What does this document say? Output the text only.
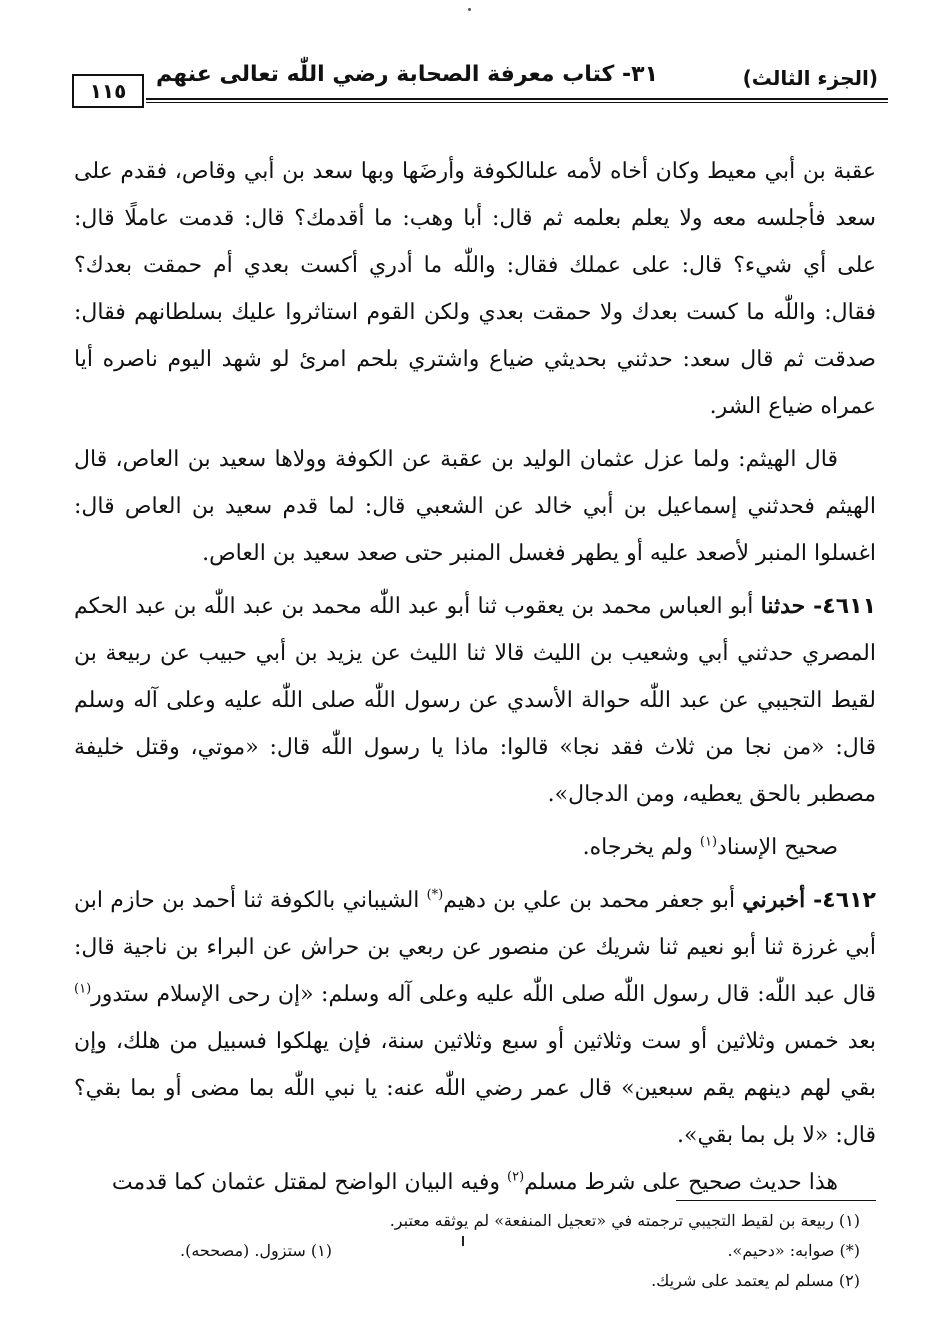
(الجزء الثالث)
٣١- كتاب معرفة الصحابة رضي اللّٰه تعالى عنهم
١١٥

عقبة بن أبي معيط وكان أخاه لأمه علىالكوفة وأرضَها وبها سعد بن أبي وقاص، فقدم على سعد فأجلسه معه ولا يعلم بعلمه ثم قال: أبا وهب: ما أقدمك؟ قال: قدمت عاملًا قال: على أي شيء؟ قال: على عملك فقال: واللّٰه ما أدري أكست بعدي أم حمقت بعدك؟ فقال: واللّٰه ما كست بعدك ولا حمقت بعدي ولكن القوم استاثروا عليك بسلطانهم فقال: صدقت ثم قال سعد: حدثني بحديثي ضياع واشتري بلحم امرئ لو شهد اليوم ناصره أيا عمراه ضياع الشر.

قال الهيثم: ولما عزل عثمان الوليد بن عقبة عن الكوفة وولاها سعيد بن العاص، قال الهيثم فحدثني إسماعيل بن أبي خالد عن الشعبي قال: لما قدم سعيد بن العاص قال: اغسلوا المنبر لأصعد عليه أو يطهر فغسل المنبر حتى صعد سعيد بن العاص.

٤٦١١- حدثنا أبو العباس محمد بن يعقوب ثنا أبو عبد اللّٰه محمد بن عبد اللّٰه بن عبد الحكم المصري حدثني أبي وشعيب بن الليث قالا ثنا الليث عن يزيد بن أبي حبيب عن ربيعة بن لقيط التجيبي عن عبد اللّٰه حوالة الأسدي عن رسول اللّٰه صلى اللّٰه عليه وعلى آله وسلم قال: «من نجا من ثلاث فقد نجا» قالوا: ماذا يا رسول اللّٰه قال: «موتي، وقتل خليفة مصطبر بالحق يعطيه، ومن الدجال».

صحيح الإسناد$^{(١)}$ ولم يخرجاه.

٤٦١٢- أخبرني أبو جعفر محمد بن علي بن دهيم(*) الشيباني بالكوفة ثنا أحمد بن حازم ابن أبي غرزة ثنا أبو نعيم ثنا شريك عن منصور عن ربعي بن حراش عن البراء بن ناجية قال: قال عبد اللّٰه: قال رسول اللّٰه صلى اللّٰه عليه وعلى آله وسلم: «إن رحى الإسلام ستدور$^{(١)}$ بعد خمس وثلاثين أو ست وثلاثين أو سبع وثلاثين سنة، فإن يهلكوا فسبيل من هلك، وإن بقي لهم دينهم يقم سبعين» قال عمر رضي اللّٰه عنه: يا نبي اللّٰه بما مضى أو بما بقي؟ قال: «لا بل بما بقي».

هذا حديث صحيح على شرط مسلم$^{(٢)}$ وفيه البيان الواضح لمقتل عثمان كما قدمت

(١) ربيعة بن لقيط التجيبي ترجمته في «تعجيل المنفعة» لم يوثقه معتبر.
(*) صوابه: «دحيم».
(١) ستزول. (مصححه).
(٢) مسلم لم يعتمد على شريك.
